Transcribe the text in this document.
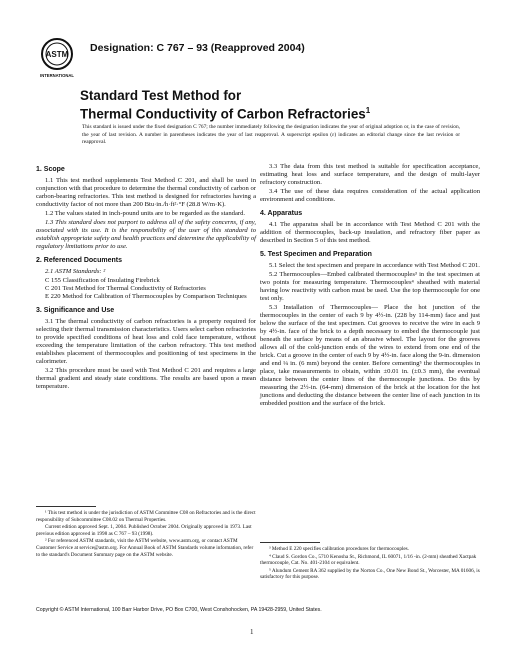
ASTM
INTERNATIONAL
Designation: C 767 – 93 (Reapproved 2004)
Standard Test Method for
Thermal Conductivity of Carbon Refractories$^1$
This standard is issued under the fixed designation C 767; the number immediately following the designation indicates the year of original adoption or, in the case of revision, the year of last revision. A number in parentheses indicates the year of last reapproval. A superscript epsilon (ε) indicates an editorial change since the last revision or reapproval.
1. Scope

1.1 This test method supplements Test Method C 201, and shall be used in conjunction with that procedure to determine the thermal conductivity of carbon or carbon-bearing refractories. This test method is designed for refractories having a conductivity factor of not more than 200 Btu·in./h·ft²·°F (28.8 W/m·K).

1.2 The values stated in inch-pound units are to be regarded as the standard.

1.3 This standard does not purport to address all of the safety concerns, if any, associated with its use. It is the responsibility of the user of this standard to establish appropriate safety and health practices and determine the applicability of regulatory limitations prior to use.

2. Referenced Documents

2.1 ASTM Standards: ²

C 155 Classification of Insulating Firebrick

C 201 Test Method for Thermal Conductivity of Refractories

E 220 Method for Calibration of Thermocouples by Comparison Techniques

3. Significance and Use

3.1 The thermal conductivity of carbon refractories is a property required for selecting their thermal transmission characteristics. Users select carbon refractories to provide specified conditions of heat loss and cold face temperature, without exceeding the temperature limitation of the carbon refractory. This test method establishes placement of thermocouples and positioning of test specimens in the calorimeter.

3.2 This procedure must be used with Test Method C 201 and requires a large thermal gradient and steady state conditions. The results are based upon a mean temperature.

3.3 The data from this test method is suitable for specification acceptance, estimating heat loss and surface temperature, and the design of multi-layer refractory construction.

3.4 The use of these data requires consideration of the actual application environment and conditions.

4. Apparatus

4.1 The apparatus shall be in accordance with Test Method C 201 with the addition of thermocouples, back-up insulation, and refractory fiber paper as described in Section 5 of this test method.

5. Test Specimen and Preparation

5.1 Select the test specimen and prepare in accordance with Test Method C 201.

5.2 Thermocouples—Embed calibrated thermocouples³ in the test specimen at two points for measuring temperature. Thermocouples⁴ sheathed with material having low reactivity with carbon must be used. Use the top thermocouple for one test only.

5.3 Installation of Thermocouples— Place the hot junction of the thermocouples in the center of each 9 by 4½-in. (228 by 114-mm) face and just below the surface of the test specimen. Cut grooves to receive the wire in each 9 by 4½-in. face of the brick to a depth necessary to embed the thermocouple just beneath the surface by means of an abrasive wheel. The layout for the grooves allows all of the cold-junction ends of the wires to extend from one end of the brick. Cut a groove in the center of each 9 by 4½-in. face along the 9-in. dimension and end ¼ in. (6 mm) beyond the center. Before cementing⁵ the thermocouples in place, take measurements to obtain, within ±0.01 in. (±0.3 mm), the eventual distance between the center lines of the thermocouple junctions. Do this by measuring the 2½-in. (64-mm) dimension of the brick at the location for the hot junctions and deducting the distance between the center line of each junction in its embedded position and the surface of the brick.

¹ This test method is under the jurisdiction of ASTM Committee C08 on Refractories and is the direct responsibility of Subcommittee C08.02 on Thermal Properties.

Current edition approved Sept. 1, 2004. Published October 2004. Originally approved in 1973. Last previous edition approved in 1998 as C 767 – 93 (1998).

² For referenced ASTM standards, visit the ASTM website, www.astm.org, or contact ASTM Customer Service at service@astm.org. For Annual Book of ASTM Standards volume information, refer to the standard's Document Summary page on the ASTM website.

³ Method E 220 specifies calibration procedures for thermocouples.

⁴ Claud S. Gordon Co., 5710 Kenosha St., Richmond, IL 60071, 1/16 -in. (2-mm) sheathed Xactpak thermocouple, Cat. No. 401-2104 or equivalent.

⁵ Alundum Cement RA 362 supplied by the Norton Co., One New Bond St., Worcester, MA 01606, is satisfactory for this purpose.

Copyright © ASTM International, 100 Barr Harbor Drive, PO Box C700, West Conshohocken, PA 19428-2959, United States.
1
